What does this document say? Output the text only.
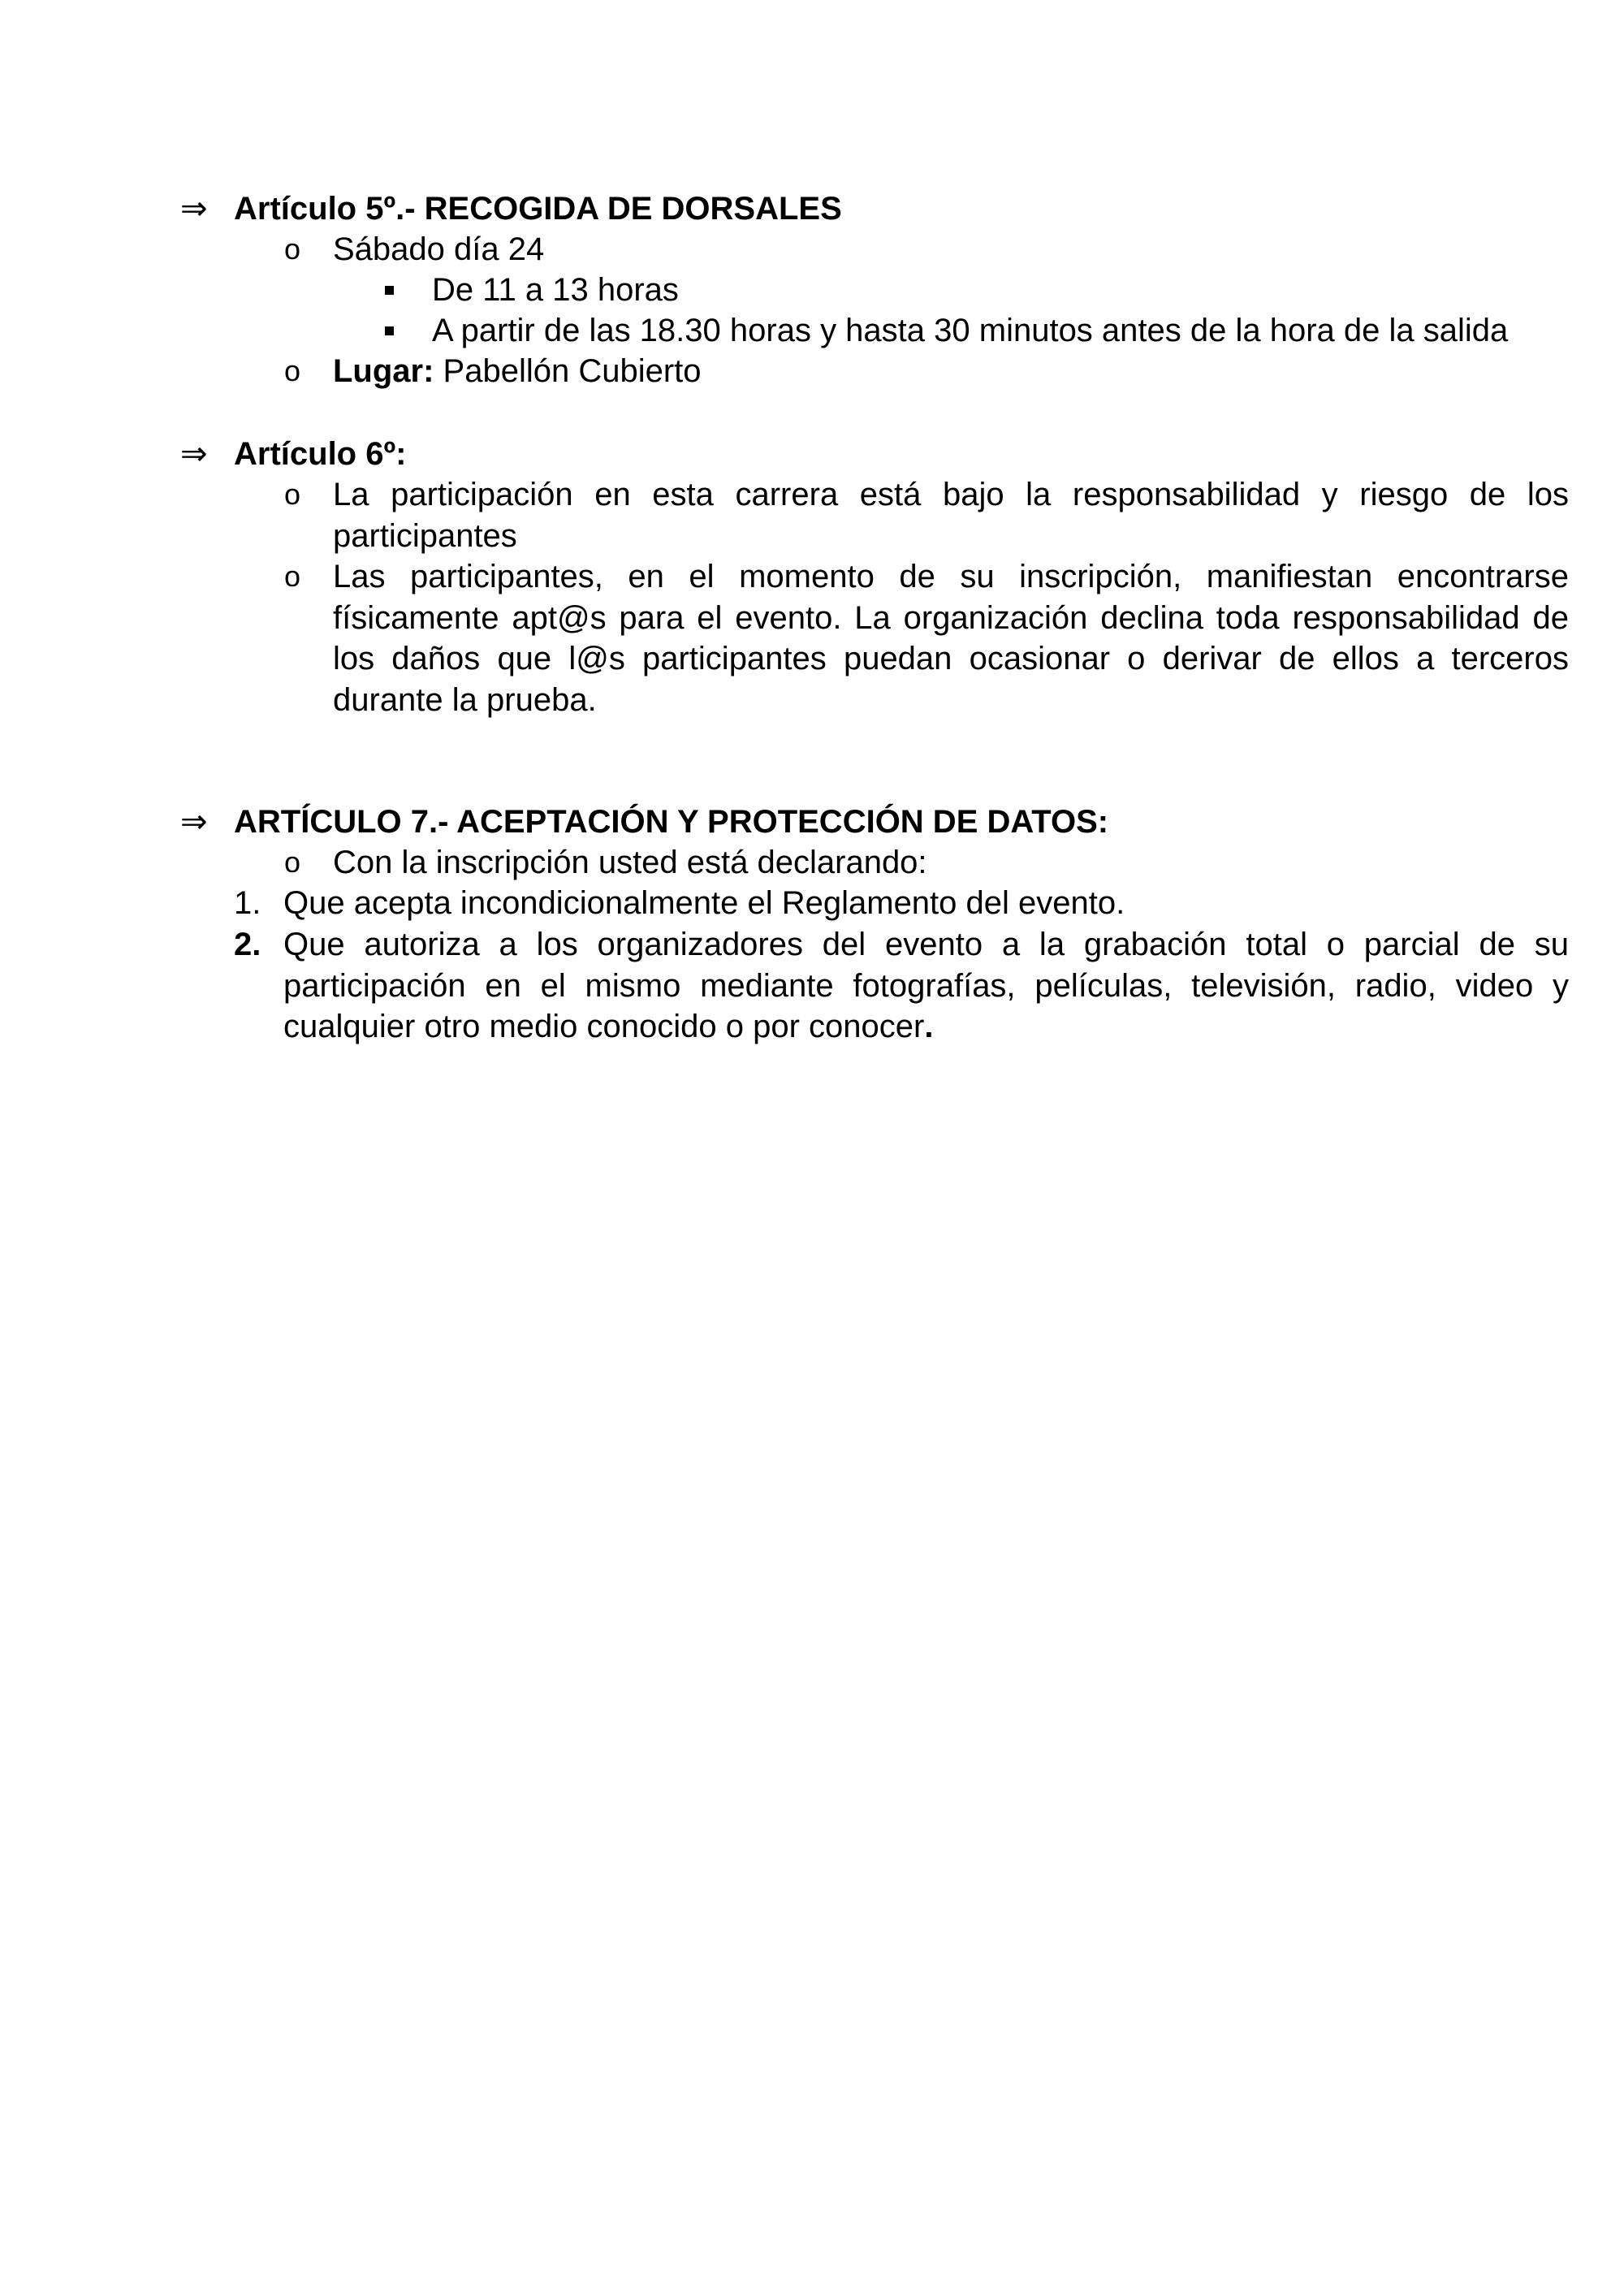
⇒ Artículo 5º.- RECOGIDA DE DORSALES
o Sábado día 24
De 11 a 13 horas
A partir de las 18.30 horas y hasta 30 minutos antes de la hora de la salida
o Lugar: Pabellón Cubierto
⇒ Artículo 6º:
o La participación en esta carrera está bajo la responsabilidad y riesgo de los participantes
o Las participantes, en el momento de su inscripción, manifiestan encontrarse físicamente apt@s para el evento. La organización declina toda responsabilidad de los daños que l@s participantes puedan ocasionar o derivar de ellos a terceros durante la prueba.
⇒ ARTÍCULO 7.- ACEPTACIÓN Y PROTECCIÓN DE DATOS:
o Con la inscripción usted está declarando:
1. Que acepta incondicionalmente el Reglamento del evento.
2. Que autoriza a los organizadores del evento a la grabación total o parcial de su participación en el mismo mediante fotografías, películas, televisión, radio, video y cualquier otro medio conocido o por conocer.
